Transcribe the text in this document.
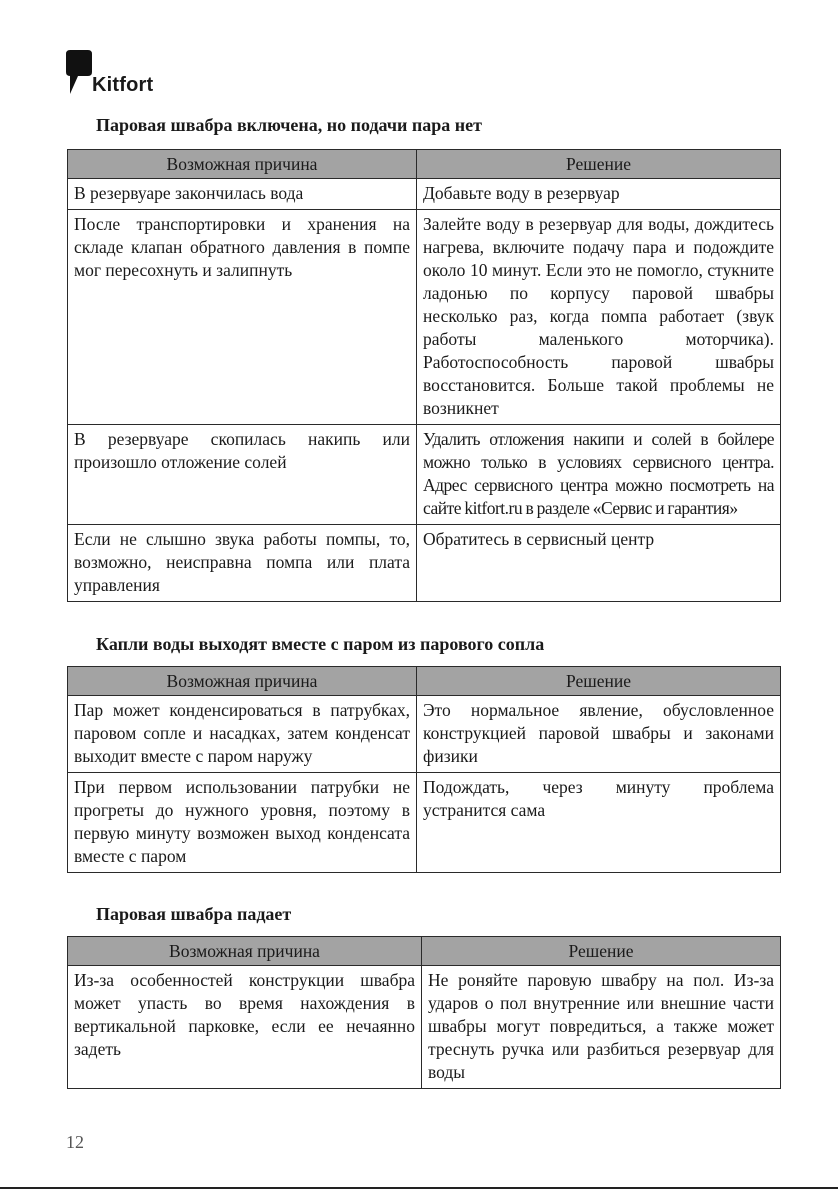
Kitfort
Паровая швабра включена, но подачи пара нет
Возможная причина	Решение
В резервуаре закончилась вода	Добавьте воду в резервуар
После транспортировки и хранения на складе клапан обратного давления в помпе мог пересохнуть и залипнуть	Залейте воду в резервуар для воды, дождитесь нагрева, включите подачу пара и подождите около 10 минут. Если это не помогло, стукните ладонью по корпусу паровой швабры несколько раз, когда помпа работает (звук работы маленького моторчика). Работоспособность паровой швабры восстановится. Больше такой проблемы не возникнет
В резервуаре скопилась накипь или произошло отложение солей	Удалить отложения накипи и солей в бойлере можно только в условиях сервисного центра. Адрес сервисного центра можно посмотреть на сайте kitfort.ru в разделе «Сервис и гарантия»
Если не слышно звука работы помпы, то, возможно, неисправна помпа или плата управления	Обратитесь в сервисный центр
Капли воды выходят вместе с паром из парового сопла
Возможная причина	Решение
Пар может конденсироваться в патрубках, паровом сопле и насадках, затем конденсат выходит вместе с паром наружу	Это нормальное явление, обусловленное конструкцией паровой швабры и законами физики
При первом использовании патрубки не прогреты до нужного уровня, поэтому в первую минуту возможен выход конденсата вместе с паром	Подождать, через минуту проблема устранится сама
Паровая швабра падает
Возможная причина	Решение
Из-за особенностей конструкции швабра может упасть во время нахождения в вертикальной парковке, если ее нечаянно задеть	Не роняйте паровую швабру на пол. Из-за ударов о пол внутренние или внешние части швабры могут повредиться, а также может треснуть ручка или разбиться резервуар для воды
12
